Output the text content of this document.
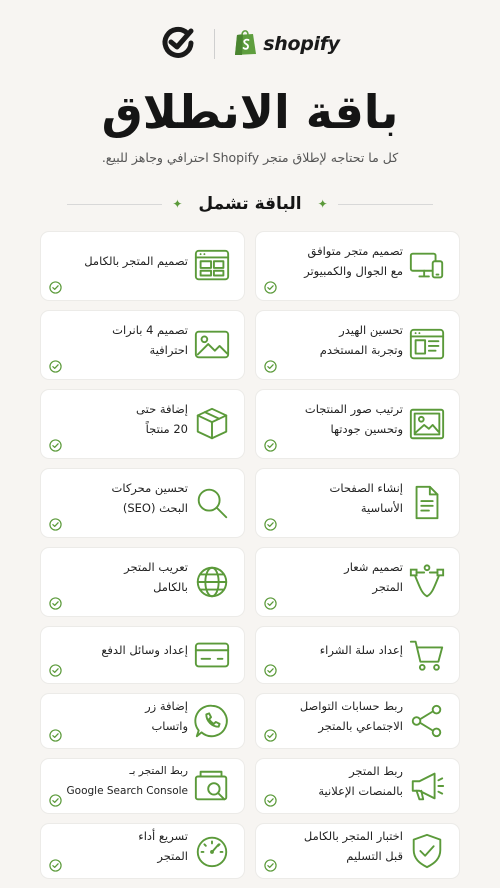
shopify
باقة الانطلاق
كل ما تحتاجه لإطلاق متجر Shopify احترافي وجاهز للبيع.
✦ الباقة تشمل	✦
تصميم متجر متوافق
مع الجوال والكمبيوتر
تصميم المتجر بالكامل
تحسين الهيدر
وتجربة المستخدم
تصميم 4 بانرات
احترافية
ترتيب صور المنتجات
وتحسين جودتها
إضافة حتى
20 منتجاً
إنشاء الصفحات
الأساسية
تحسين محركات
البحث (SEO)
تصميم شعار
المتجر
تعريب المتجر
بالكامل
إعداد سلة الشراء
إعداد وسائل الدفع
ربط حسابات التواصل
الاجتماعي بالمتجر
إضافة زر
واتساب
ربط المتجر
بالمنصات الإعلانية
ربط المتجر بـ
Google Search Console
اختبار المتجر بالكامل
قبل التسليم
تسريع أداء
المتجر
